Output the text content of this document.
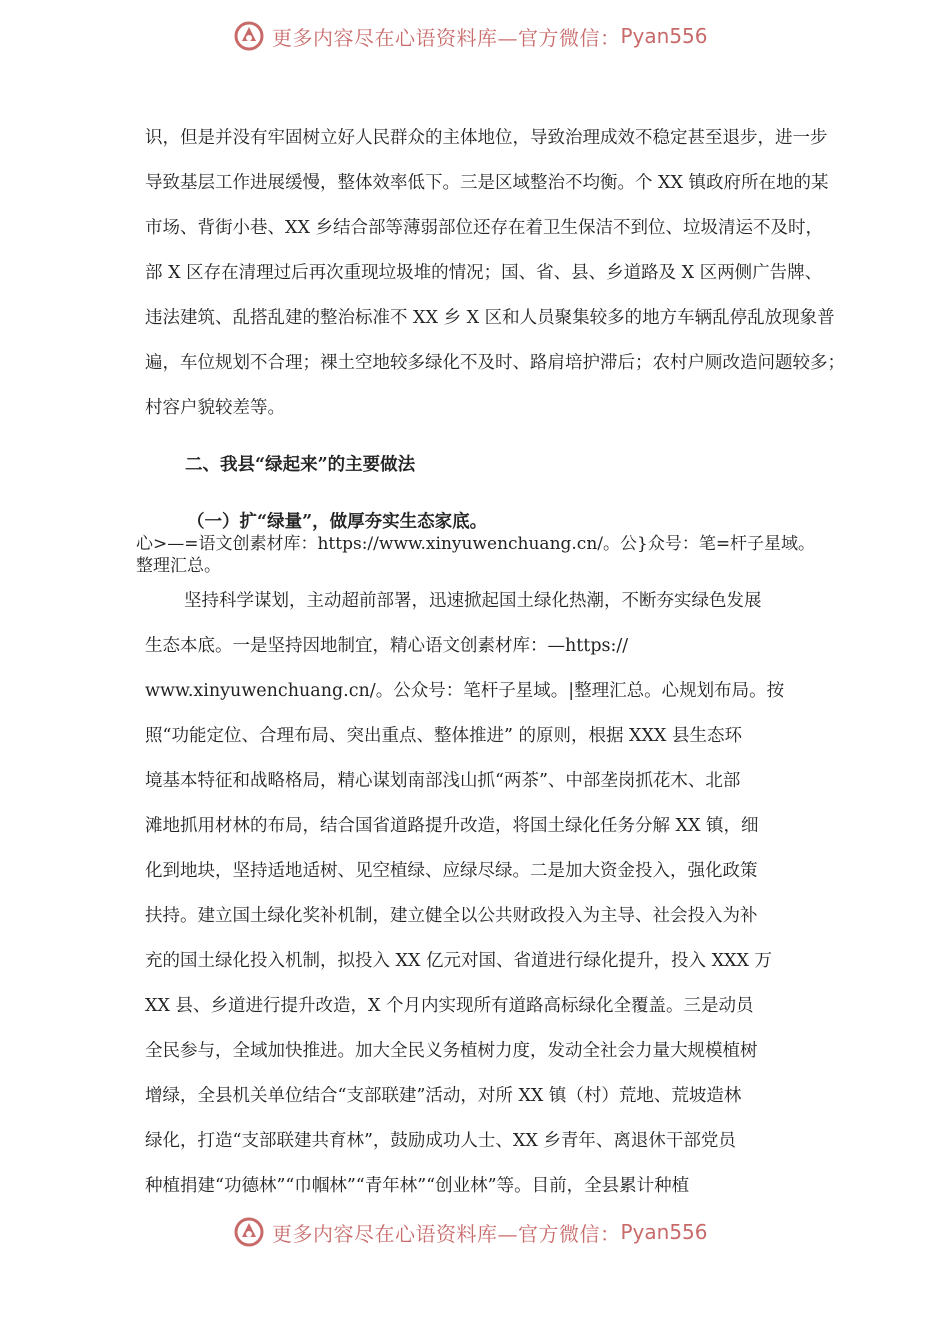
更多内容尽在心语资料库—官方微信： Pyan556
识，但是并没有牢固树立好人民群众的主体地位，导致治理成效不稳定甚至退步，进一步
导致基层工作进展缓慢，整体效率低下。三是区域整治不均衡。个 XX 镇政府所在地的某
市场、背街小巷、XX 乡结合部等薄弱部位还存在着卫生保洁不到位、垃圾清运不及时，
部 X 区存在清理过后再次重现垃圾堆的情况；国、省、县、乡道路及 X 区两侧广告牌、
违法建筑、乱搭乱建的整治标准不 XX 乡 X 区和人员聚集较多的地方车辆乱停乱放现象普
遍，车位规划不合理；裸土空地较多绿化不及时、路肩培护滞后；农村户厕改造问题较多；
村容户貌较差等。
二、我县“绿起来”的主要做法
（一）扩“绿量”，做厚夯实生态家底。
心>—=语文创素材库：https://www.xinyuwenchuang.cn/。公}众号：笔=杆子星域。
整理汇总。
坚持科学谋划，主动超前部署，迅速掀起国土绿化热潮，不断夯实绿色发展
生态本底。一是坚持因地制宜，精心语文创素材库：—https://
www.xinyuwenchuang.cn/。公众号：笔杆子星域。|整理汇总。心规划布局。按
照“功能定位、合理布局、突出重点、整体推进” 的原则，根据 XXX 县生态环
境基本特征和战略格局，精心谋划南部浅山抓“两茶”、中部垄岗抓花木、北部
滩地抓用材林的布局，结合国省道路提升改造，将国土绿化任务分解 XX 镇，细
化到地块，坚持适地适树、见空植绿、应绿尽绿。二是加大资金投入，强化政策
扶持。建立国土绿化奖补机制，建立健全以公共财政投入为主导、社会投入为补
充的国土绿化投入机制，拟投入 XX 亿元对国、省道进行绿化提升，投入 XXX 万
XX 县、乡道进行提升改造，X 个月内实现所有道路高标绿化全覆盖。三是动员
全民参与，全域加快推进。加大全民义务植树力度，发动全社会力量大规模植树
增绿，全县机关单位结合“支部联建”活动，对所 XX 镇（村）荒地、荒坡造林
绿化，打造“支部联建共育林”，鼓励成功人士、XX 乡青年、离退休干部党员
种植捐建“功德林”“巾帼林”“青年林”“创业林”等。目前，全县累计种植
更多内容尽在心语资料库—官方微信： Pyan556
